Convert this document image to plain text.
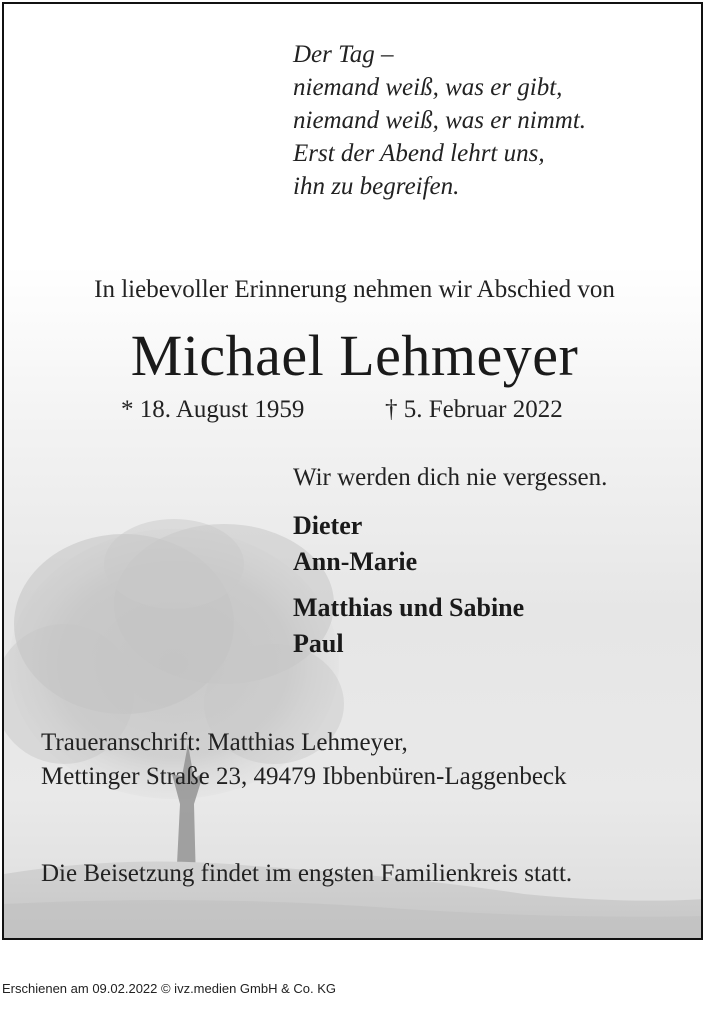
Der Tag –
niemand weiß, was er gibt,
niemand weiß, was er nimmt.
Erst der Abend lehrt uns,
ihn zu begreifen.
In liebevoller Erinnerung nehmen wir Abschied von
Michael Lehmeyer
* 18. August 1959	† 5. Februar 2022
Wir werden dich nie vergessen.
Dieter
Ann-Marie
Matthias und Sabine
Paul
Traueranschrift: Matthias Lehmeyer,
Mettinger Straße 23, 49479 Ibbenbüren-Laggenbeck
Die Beisetzung findet im engsten Familienkreis statt.
Erschienen am 09.02.2022 © ivz.medien GmbH & Co. KG
